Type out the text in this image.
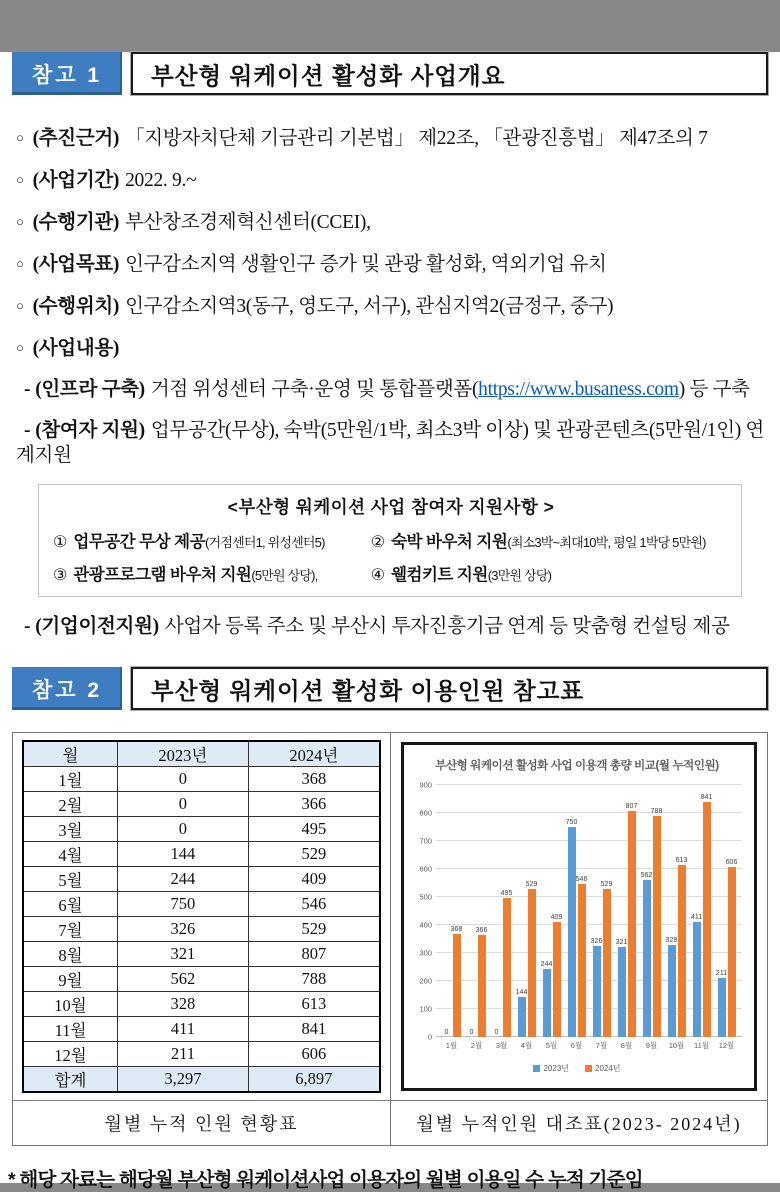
참고 1	부산형 워케이션 활성화 사업개요
○ (추진근거) 「지방자치단체 기금관리 기본법」 제22조, 「관광진흥법」 제47조의 7
○ (사업기간) 2022. 9.~
○ (수행기관) 부산창조경제혁신센터(CCEI),
○ (사업목표) 인구감소지역 생활인구 증가 및 관광 활성화, 역외기업 유치
○ (수행위치) 인구감소지역3(동구, 영도구, 서구), 관심지역2(금정구, 중구)
○ (사업내용)
- (인프라 구축) 거점 위성센터 구축·운영 및 통합플랫폼(https://www.busaness.com) 등 구축
- (참여자 지원) 업무공간(무상), 숙박(5만원/1박, 최소3박 이상) 및 관광콘텐츠(5만원/1인) 연계지원
<부산형 워케이션 사업 참여자 지원사항 >
① 업무공간 무상 제공(거점센터1, 위성센터5)	② 숙박 바우처 지원(최소3박~최대10박, 평일 1박당 5만원)
③ 관광프로그램 바우처 지원(5만원 상당),	④ 웰컴키트 지원(3만원 상당)
- (기업이전지원) 사업자 등록 주소 및 부산시 투자진흥기금 연계 등 맞춤형 컨설팅 제공
참고 2	부산형 워케이션 활성화 이용인원 참고표
월	2023년	2024년
1월	0	368
2월	0	366
3월	0	495
4월	144	529
5월	244	409
6월	750	546
7월	326	529
8월	321	807
9월	562	788
10월	328	613
11월	411	841
12월	211	606
합계	3,297	6,897
부산형 워케이션 활성화 사업 이용객 총량 비교(월 누적인원)
0
100
200
300
400
500
600
700
800
900
0
368
0
366
0
495
144
529
244
409
750
546
326
529
321
807
562
788
328
613
411
841
211
606
1월	2월	3월	4월	5월	6월	7월	8월	9월	10월	11월	12월
2023년	2024년
월별 누적 인원 현황표	월별 누적인원 대조표(2023- 2024년)
* 해당 자료는 해당월 부산형 워케이션사업 이용자의 월별 이용일 수 누적 기준임
